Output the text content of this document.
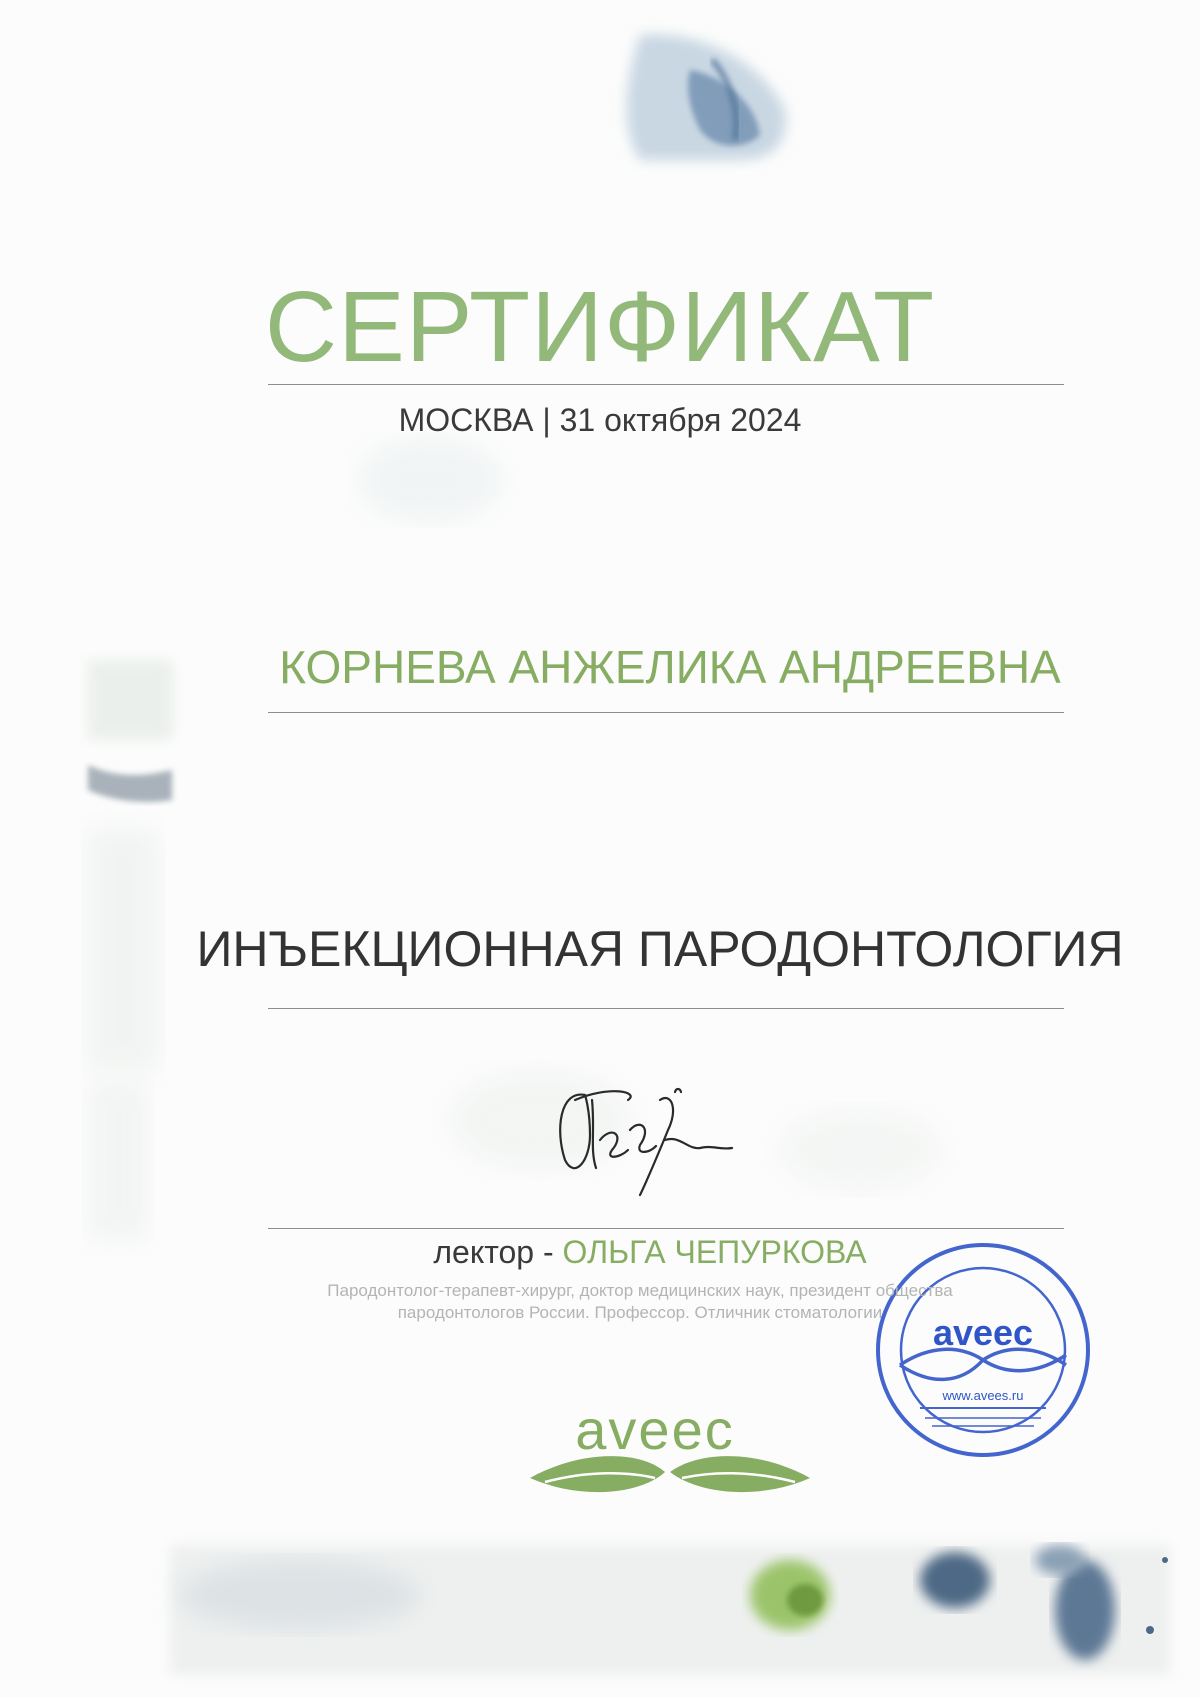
aveec
www.avees.ru
СЕРТИФИКАТ
МОСКВА | 31 октября 2024
КОРНЕВА АНЖЕЛИКА АНДРЕЕВНА
ИНЪЕКЦИОННАЯ ПАРОДОНТОЛОГИЯ
лектор - ОЛЬГА ЧЕПУРКОВА
Пародонтолог-терапевт-хирург, доктор медицинских наук, президент общества
пародонтологов России. Профессор. Отличник стоматологии
aveec
